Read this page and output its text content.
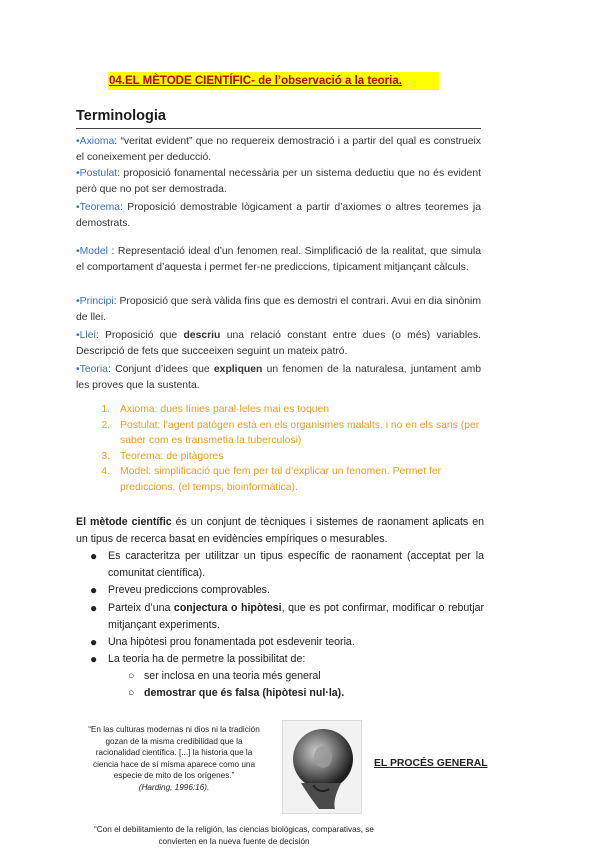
04.EL MÈTODE CIENTÍFIC- de l’observació a la teoria.
Terminologia
•Axioma: “veritat evident” que no requereix demostració i a partir del qual es construeix el coneixement per deducció.
•Postulat: proposició fonamental necessària per un sistema deductiu que no és evident però que no pot ser demostrada.
•Teorema: Proposició demostrable lògicament a partir d’axiomes o altres teoremes ja demostrats.
•Model : Representació ideal d’un fenomen real. Simplificació de la realitat, que simula el comportament d’aquesta i permet fer-ne prediccions, típicament mitjançant càlculs.
•Principi: Proposició que serà vàlida fins que es demostri el contrari. Avui en dia sinònim de llei.
•Llei: Proposició que descriu una relació constant entre dues (o més) variables. Descripció de fets que succeeixen seguint un mateix patró.
•Teoria: Conjunt d’idees que expliquen un fenomen de la naturalesa, juntament amb les proves que la sustenta.
1. Axioma: dues línies paral·leles mai es toquen
2. Postulat: l’agent patògen està en els organismes malalts. i no en els sans (per saber com es transmetia la tuberculosi)
3. Teorema: de pitàgores
4. Model: simplificació que fem per tal d’explicar un fenomen. Permet fer prediccions. (el temps, bioinformàtica).
El mètode científic és un conjunt de tècniques i sistemes de raonament aplicats en un tipus de recerca basat en evidències empíriques o mesurables.
●	Es caracteritza per utilitzar un tipus específic de raonament (acceptat per la comunitat científica).
●	Preveu prediccions comprovables.
●	Parteix d’una conjectura o hipòtesi, que es pot confirmar, modificar o rebutjar mitjançant experiments.
●	Una hipòtesi prou fonamentada pot esdevenir teoria.
●	La teoria ha de permetre la possibilitat de:
○ ser inclosa en una teoria més general
○ demostrar que és falsa (hipòtesi nul·la).
“En las culturas modernas ni dios ni la tradición gozan de la misma credibilidad que la racionalidad científica. [...] la historia que la ciencia hace de sí misma aparece como una especie de mito de los orígenes.”
(Harding, 1996:16).
EL PROCÉS GENERAL
“Con el debilitamiento de la religión, las ciencias biológicas, comparativas, se convierten en la nueva fuente de decisión
